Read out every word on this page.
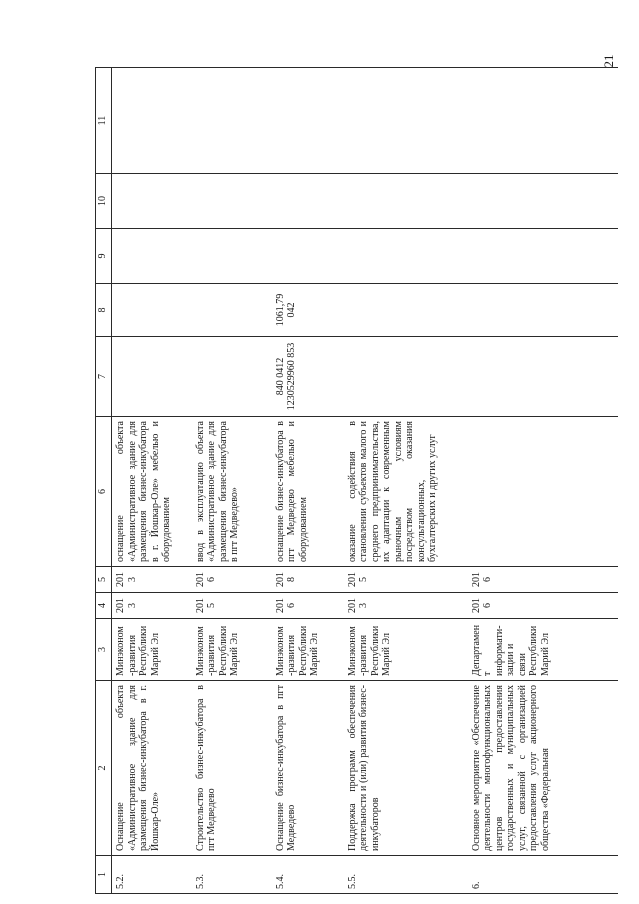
21
1	2	3	4	5	6	7	8	9	10	11
5.2.	Оснащение объекта «Административное здание для размещения бизнес-инкубатора в г. Йошкар-Оле»	Минэконом-развития Республики Марий Эл	2013	2013	оснащение объекта «Административное здание для размещения бизнес-инкубатора в г. Йошкар-Оле» мебелью и оборудованием					
5.3.	Строительство бизнес-инкубатора в пгт Медведево	Минэконом-развития Республики Марий Эл	2015	2016	ввод в эксплуатацию объекта «Административное здание для размещения бизнес-инкубатора в пгт Медведево»					
5.4.	Оснащение бизнес-инкубатора в пгт Медведево	Минэконом-развития Республики Марий Эл	2016	2018	оснащение бизнес-инкубатора в пгт Медведево мебелью и оборудованием	840 0412 1230529960 853	1061,79 042			
5.5.	Поддержка программ обеспечения деятельности и (или) развития бизнес-инкубаторов	Минэконом-развития Республики Марий Эл	2013	2015	оказание содействия в становлении субъектов малого и среднего предпринимательства, их адаптации к современным рыночным условиям посредством оказания консультационных, бухгалтерских и других услуг					
6.	Основное мероприятие «Обеспечение деятельности многофункциональных центров предоставления государственных и муниципальных услуг, связанной с организацией предоставления услуг акционерного общества «Федеральная	Департамент информати-зации и связи Республики Марий Эл	2016	2016						
